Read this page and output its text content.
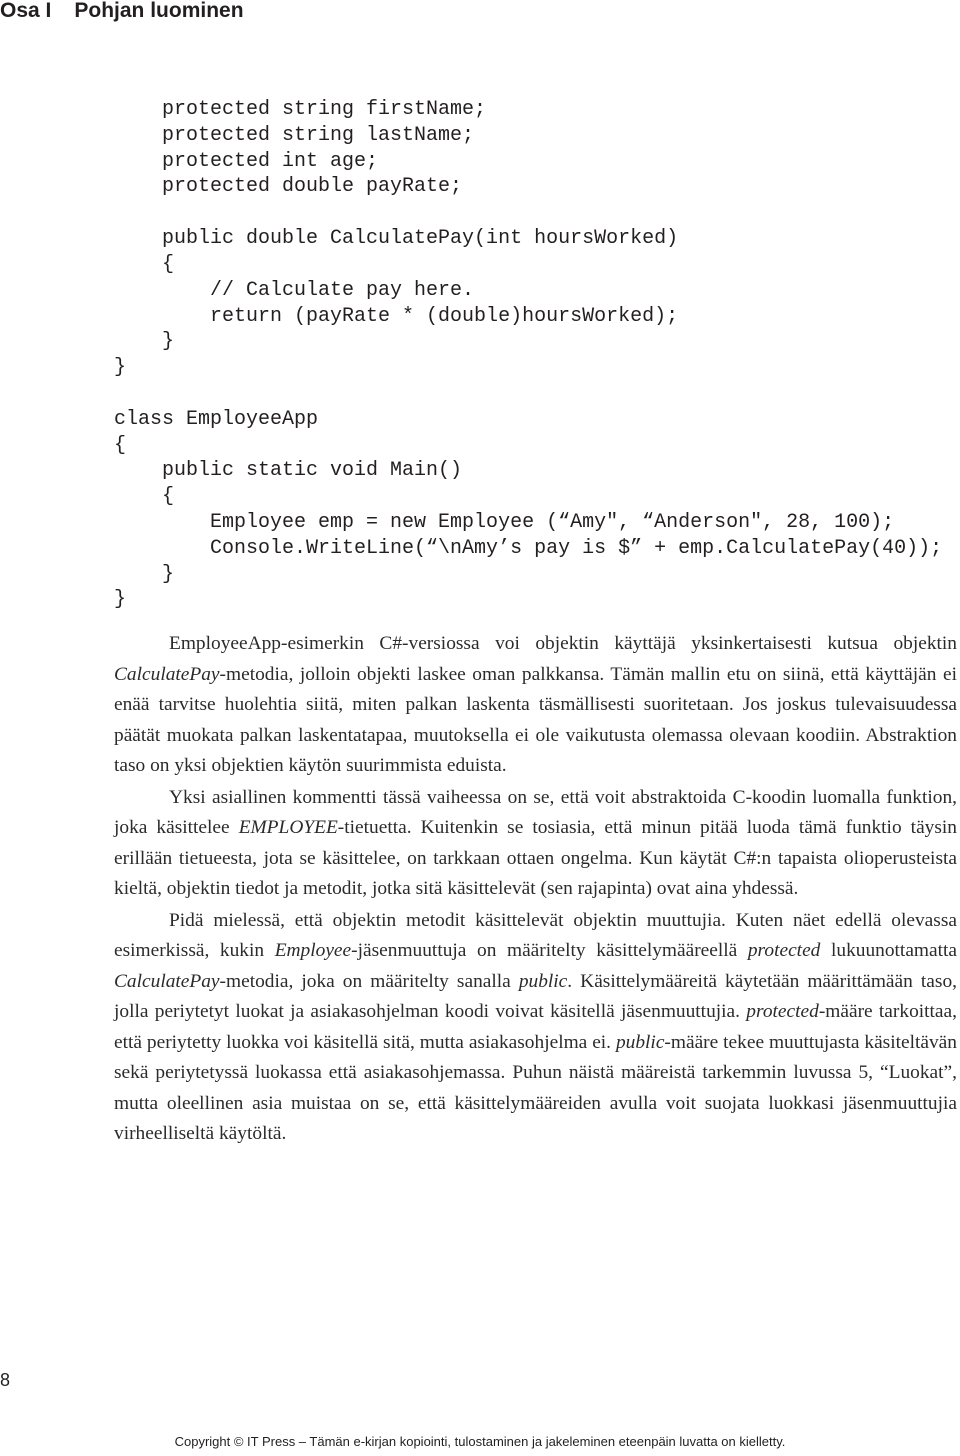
Osa I Pohjan luominen
protected string firstName;
protected string lastName;
protected int age;
protected double payRate;

public double CalculatePay(int hoursWorked)
{
// Calculate pay here.
return (payRate * (double)hoursWorked);
}
}

class EmployeeApp
{
public static void Main()
{
Employee emp = new Employee (“Amy", “Anderson", 28, 100);
Console.WriteLine(“\nAmy’s pay is $” + emp.CalculatePay(40));
}
}

EmployeeApp-esimerkin C#-versiossa voi objektin käyttäjä yksinkertaisesti kutsua objektin CalculatePay-metodia, jolloin objekti laskee oman palkkansa. Tämän mallin etu on siinä, että käyttäjän ei enää tarvitse huolehtia siitä, miten palkan laskenta täsmällisesti suoritetaan. Jos joskus tulevaisuudessa päätät muokata palkan laskentatapaa, muutoksella ei ole vaikutusta olemassa olevaan koodiin. Abstraktion taso on yksi objektien käytön suurimmista eduista.

Yksi asiallinen kommentti tässä vaiheessa on se, että voit abstraktoida C-koodin luomalla funktion, joka käsittelee EMPLOYEE-tietuetta. Kuitenkin se tosiasia, että minun pitää luoda tämä funktio täysin erillään tietueesta, jota se käsittelee, on tarkkaan ottaen ongelma. Kun käytät C#:n tapaista olioperusteista kieltä, objektin tiedot ja metodit, jotka sitä käsittelevät (sen rajapinta) ovat aina yhdessä.

Pidä mielessä, että objektin metodit käsittelevät objektin muuttujia. Kuten näet edellä olevassa esimerkissä, kukin Employee-jäsenmuuttuja on määritelty käsittelymääreellä protected lukuunottamatta CalculatePay-metodia, joka on määritelty sanalla public. Käsittelymääreitä käytetään määrittämään taso, jolla periytetyt luokat ja asiakasohjelman koodi voivat käsitellä jäsenmuuttujia. protected-määre tarkoittaa, että periytetty luokka voi käsitellä sitä, mutta asiakasohjelma ei. public-määre tekee muuttujasta käsiteltävän sekä periytetyssä luokassa että asiakasohjemassa. Puhun näistä määreistä tarkemmin luvussa 5, “Luokat”, mutta oleellinen asia muistaa on se, että käsittelymääreiden avulla voit suojata luokkasi jäsenmuuttujia virheelliseltä käytöltä.

8
Copyright © IT Press – Tämän e-kirjan kopiointi, tulostaminen ja jakeleminen eteenpäin luvatta on kielletty.
